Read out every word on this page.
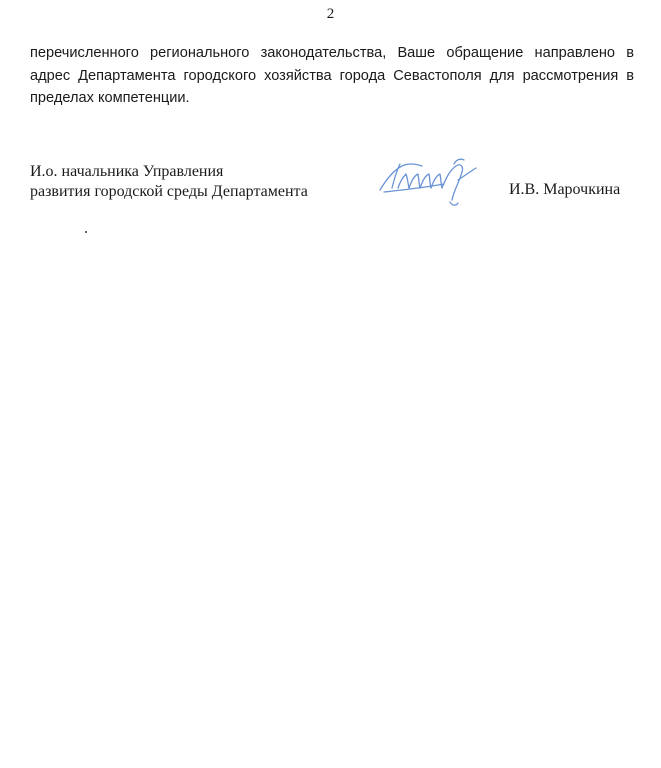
2

перечисленного регионального законодательства, Ваше обращение направлено в адрес Департамента городского хозяйства города Севастополя для рассмотрения в пределах компетенции.

И.о. начальника Управления
развития городской среды Департамента	И.В. Марочкина
